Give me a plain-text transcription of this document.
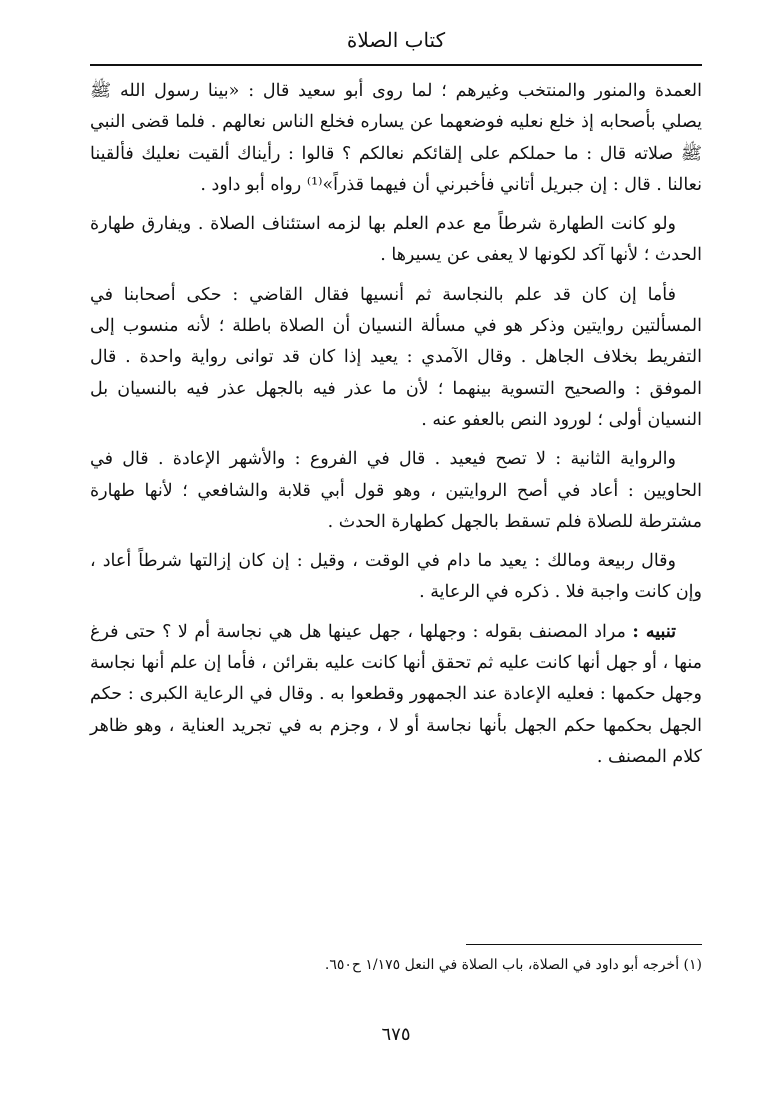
كتاب الصلاة

العمدة والمنور والمنتخب وغيرهم ؛ لما روى أبو سعيد قال : «بينا رسول الله ﷺ يصلي بأصحابه إذ خلع نعليه فوضعهما عن يساره فخلع الناس نعالهم . فلما قضى النبي ﷺ صلاته قال : ما حملكم على إلقائكم نعالكم ؟ قالوا : رأيناك ألقيت نعليك فألقينا نعالنا . قال : إن جبريل أتاني فأخبرني أن فيهما قذراً»⁽¹⁾ رواه أبو داود .

ولو كانت الطهارة شرطاً مع عدم العلم بها لزمه استئناف الصلاة . ويفارق طهارة الحدث ؛ لأنها آكد لكونها لا يعفى عن يسيرها .

فأما إن كان قد علم بالنجاسة ثم أنسيها فقال القاضي : حكى أصحابنا في المسألتين روايتين وذكر هو في مسألة النسيان أن الصلاة باطلة ؛ لأنه منسوب إلى التفريط بخلاف الجاهل . وقال الآمدي : يعيد إذا كان قد توانى رواية واحدة . قال الموفق : والصحيح التسوية بينهما ؛ لأن ما عذر فيه بالجهل عذر فيه بالنسيان بل النسيان أولى ؛ لورود النص بالعفو عنه .

والرواية الثانية : لا تصح فيعيد . قال في الفروع : والأشهر الإعادة . قال في الحاويين : أعاد في أصح الروايتين ، وهو قول أبي قلابة والشافعي ؛ لأنها طهارة مشترطة للصلاة فلم تسقط بالجهل كطهارة الحدث .

وقال ربيعة ومالك : يعيد ما دام في الوقت ، وقيل : إن كان إزالتها شرطاً أعاد ، وإن كانت واجبة فلا . ذكره في الرعاية .

تنبيه : مراد المصنف بقوله : وجهلها ، جهل عينها هل هي نجاسة أم لا ؟ حتى فرغ منها ، أو جهل أنها كانت عليه ثم تحقق أنها كانت عليه بقرائن ، فأما إن علم أنها نجاسة وجهل حكمها : فعليه الإعادة عند الجمهور وقطعوا به . وقال في الرعاية الكبرى : حكم الجهل بحكمها حكم الجهل بأنها نجاسة أو لا ، وجزم به في تجريد العناية ، وهو ظاهر كلام المصنف .

(١) أخرجه أبو داود في الصلاة، باب الصلاة في النعل ١/١٧٥ ح٦٥٠.
٦٧٥
